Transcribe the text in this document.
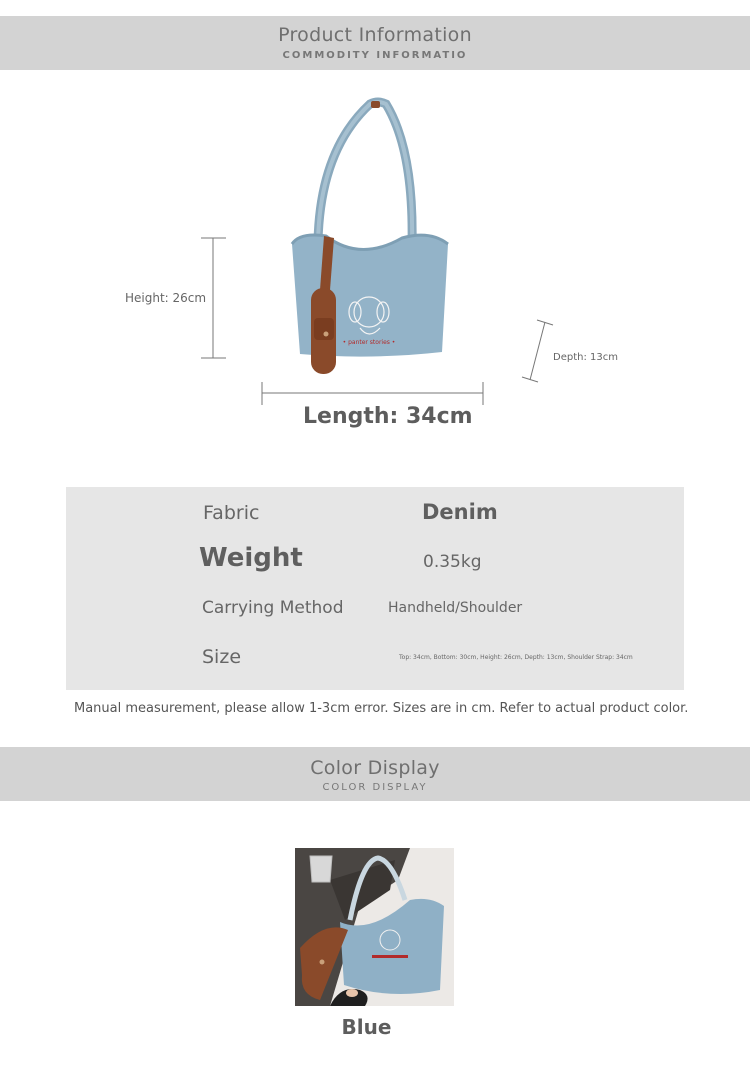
Product Information
COMMODITY INFORMATIO
• panter stories •
Height: 26cm
Depth: 13cm
Length: 34cm
Fabric	Denim
Weight	0.35kg
Carrying Method	Handheld/Shoulder
Size	Top: 34cm, Bottom: 30cm, Height: 26cm, Depth: 13cm, Shoulder Strap: 34cm
Manual measurement, please allow 1-3cm error. Sizes are in cm. Refer to actual product color.
Color Display
COLOR DISPLAY
Blue
